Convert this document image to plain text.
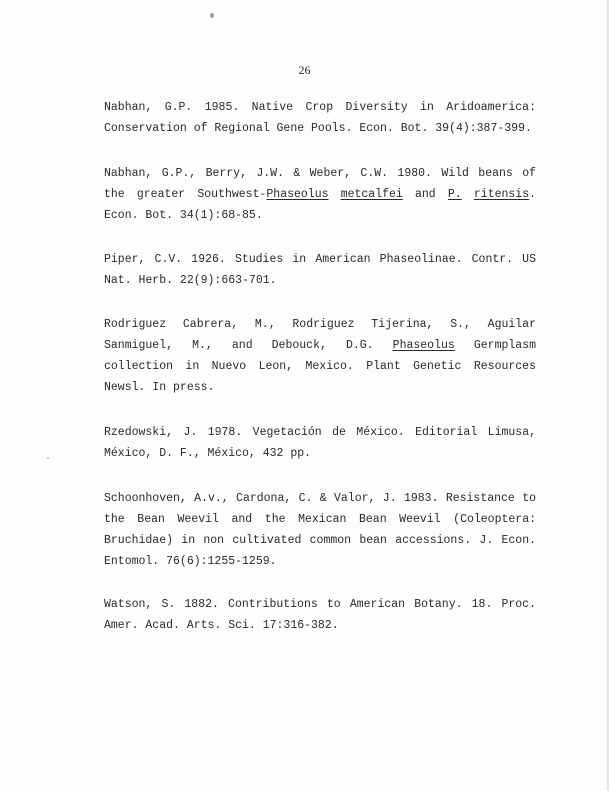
26

Nabhan, G.P. 1985. Native Crop Diversity in Aridoamerica: Conservation of Regional Gene Pools. Econ. Bot. 39(4):387-399.

Nabhan, G.P., Berry, J.W. & Weber, C.W. 1980. Wild beans of the greater Southwest-Phaseolus metcalfei and P. ritensis. Econ. Bot. 34(1):68-85.

Piper, C.V. 1926. Studies in American Phaseolinae. Contr. US Nat. Herb. 22(9):663-701.

Rodriguez Cabrera, M., Rodriguez Tijerina, S., Aguilar Sanmiguel, M., and Debouck, D.G. Phaseolus Germplasm collection in Nuevo Leon, Mexico. Plant Genetic Resources Newsl. In press.

Rzedowski, J. 1978. Vegetación de México. Editorial Limusa, México, D. F., México, 432 pp.

Schoonhoven, A.v., Cardona, C. & Valor, J. 1983. Resistance to the Bean Weevil and the Mexican Bean Weevil (Coleoptera: Bruchidae) in non cultivated common bean accessions. J. Econ. Entomol. 76(6):1255-1259.

Watson, S. 1882. Contributions to American Botany. 18. Proc. Amer. Acad. Arts. Sci. 17:316-382.
